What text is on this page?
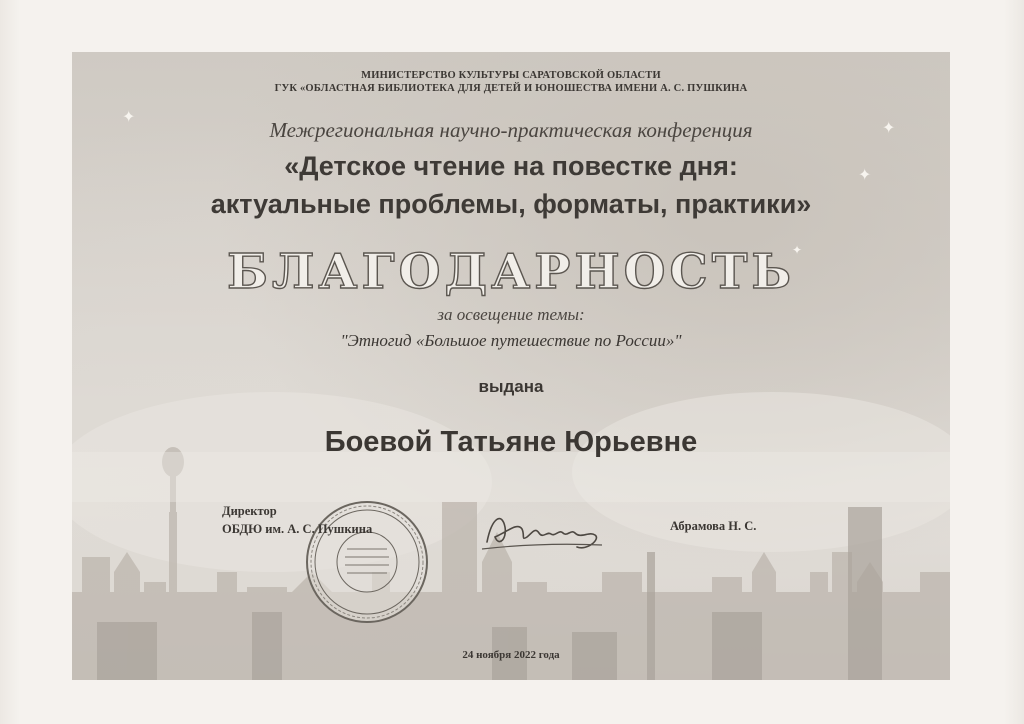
✦
✦
✦
✦
МИНИСТЕРСТВО КУЛЬТУРЫ САРАТОВСКОЙ ОБЛАСТИ
ГУК «ОБЛАСТНАЯ БИБЛИОТЕКА ДЛЯ ДЕТЕЙ И ЮНОШЕСТВА ИМЕНИ А. С. ПУШКИНА
Межрегиональная научно-практическая конференция
«Детское чтение на повестке дня:
актуальные проблемы, форматы, практики»
БЛАГОДАРНОСТЬ
за освещение темы:
"Этногид «Большое путешествие по России»"
выдана
Боевой Татьяне Юрьевне
Директор
ОБДЮ им. А. С. Пушкина	Абрамова Н. С.
24 ноября 2022 года
